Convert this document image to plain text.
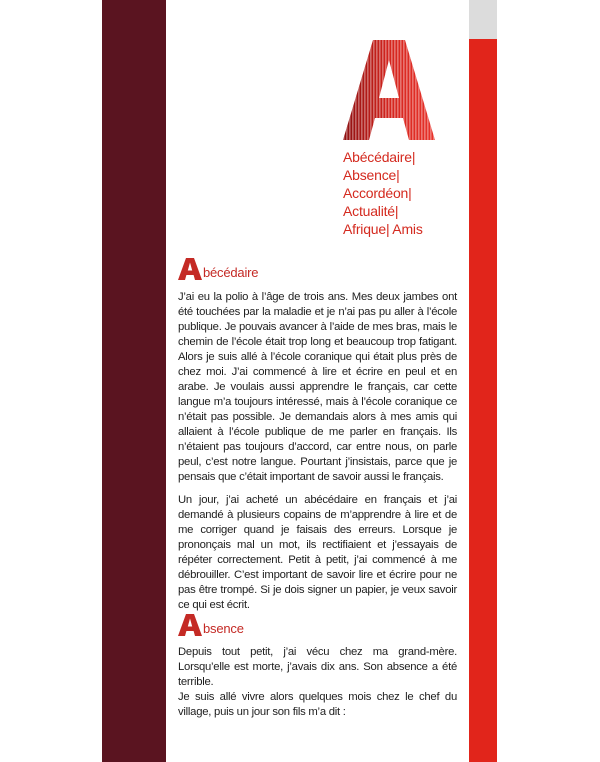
Abécédaire|
Absence|
Accordéon|
Actualité|
Afrique| Amis
A bécédaire

J’ai eu la polio à l’âge de trois ans. Mes deux jambes ont été touchées par la maladie et je n’ai pas pu aller à l’école publique. Je pouvais avancer à l’aide de mes bras, mais le chemin de l’école était trop long et beaucoup trop fatigant. Alors je suis allé à l’école coranique qui était plus près de chez moi. J’ai commencé à lire et écrire en peul et en arabe. Je voulais aussi apprendre le français, car cette langue m’a toujours intéressé, mais à l’école coranique ce n’était pas possible. Je demandais alors à mes amis qui allaient à l’école publique de me parler en français. Ils n’étaient pas toujours d’accord, car entre nous, on parle peul, c’est notre langue. Pourtant j’insistais, parce que je pensais que c’était important de savoir aussi le français.

Un jour, j’ai acheté un abécédaire en français et j’ai demandé à plusieurs copains de m’apprendre à lire et de me corriger quand je faisais des erreurs. Lorsque je prononçais mal un mot, ils rectifiaient et j’essayais de répéter correctement. Petit à petit, j’ai commencé à me débrouiller. C’est important de savoir lire et écrire pour ne pas être trompé. Si je dois signer un papier, je veux savoir ce qui est écrit.

A bsence

Depuis tout petit, j’ai vécu chez ma grand-mère. Lorsqu’elle est morte, j’avais dix ans. Son absence a été terrible.

Je suis allé vivre alors quelques mois chez le chef du village, puis un jour son fils m’a dit :
